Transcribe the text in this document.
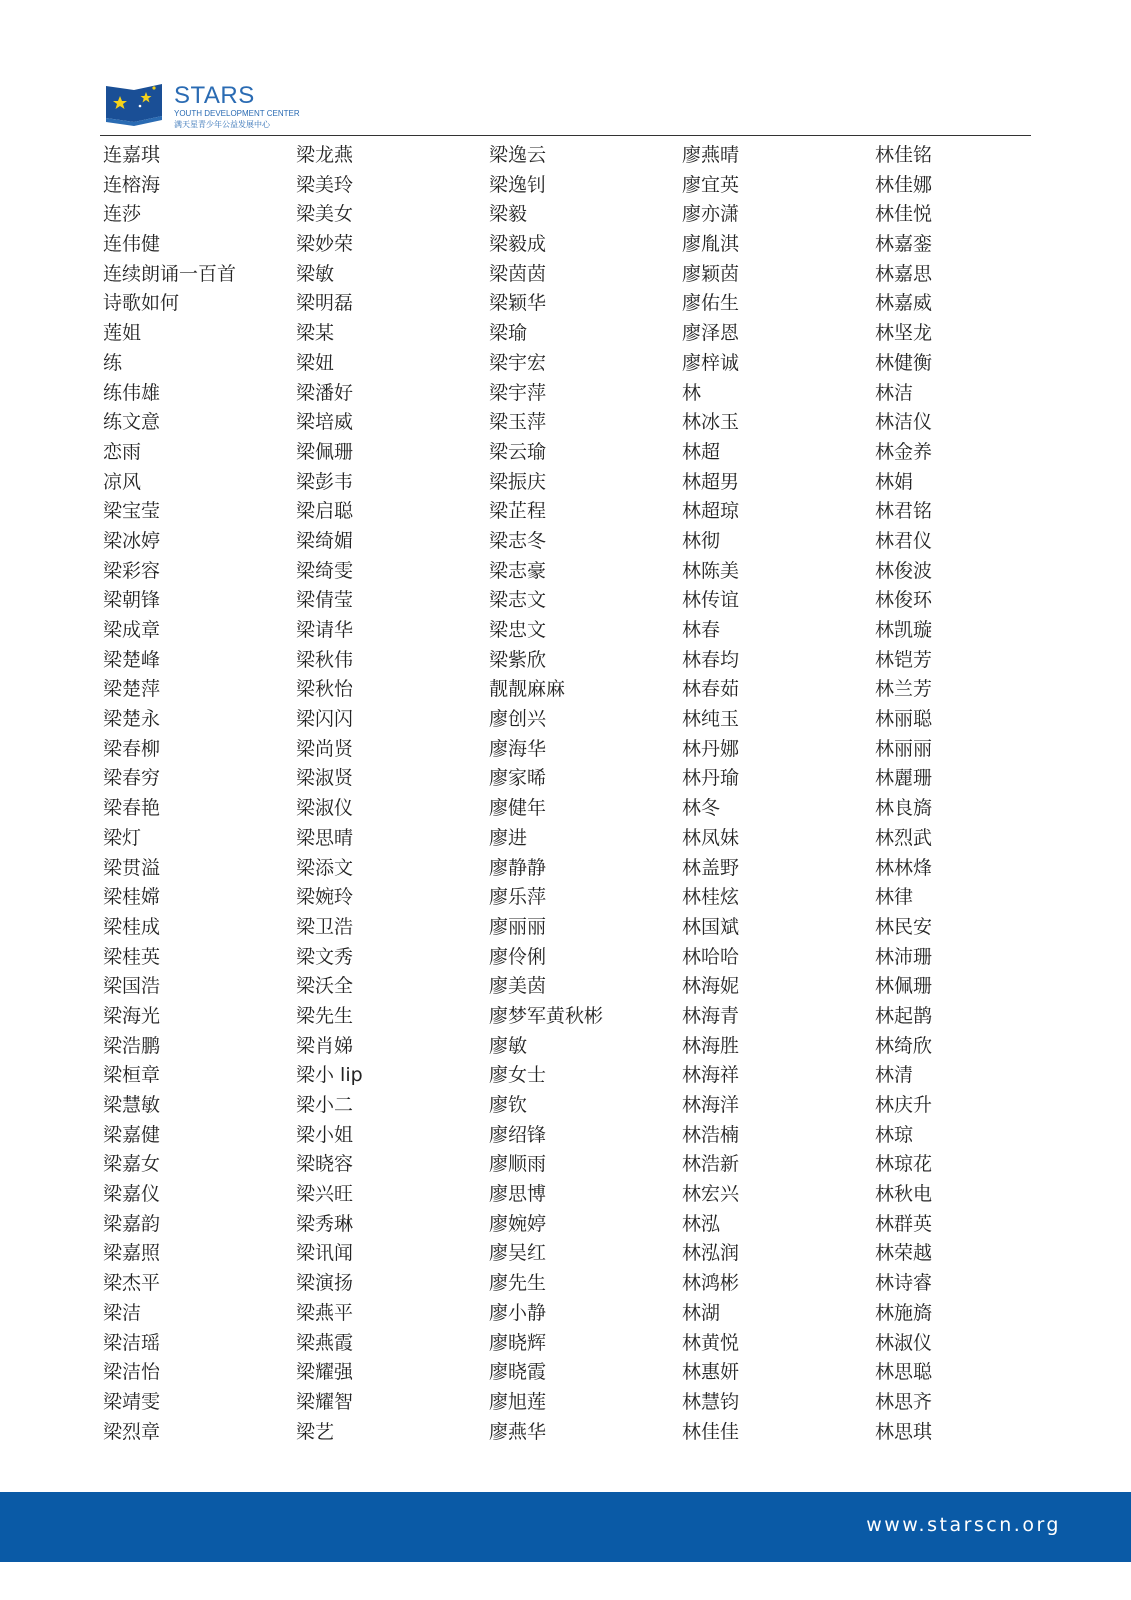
STARS
YOUTH DEVELOPMENT CENTER
满天星青少年公益发展中心
连嘉琪
连榕海
连莎
连伟健
连续朗诵一百首
诗歌如何
莲姐
练
练伟雄
练文意
恋雨
凉风
梁宝莹
梁冰婷
梁彩容
梁朝锋
梁成章
梁楚峰
梁楚萍
梁楚永
梁春柳
梁春穷
梁春艳
梁灯
梁贯溢
梁桂嫦
梁桂成
梁桂英
梁国浩
梁海光
梁浩鹏
梁桓章
梁慧敏
梁嘉健
梁嘉女
梁嘉仪
梁嘉韵
梁嘉照
梁杰平
梁洁
梁洁瑶
梁洁怡
梁靖雯
梁烈章
梁龙燕
梁美玲
梁美女
梁妙荣
梁敏
梁明磊
梁某
梁妞
梁潘好
梁培威
梁佩珊
梁彭韦
梁启聪
梁绮媚
梁绮雯
梁倩莹
梁请华
梁秋伟
梁秋怡
梁闪闪
梁尚贤
梁淑贤
梁淑仪
梁思晴
梁添文
梁婉玲
梁卫浩
梁文秀
梁沃全
梁先生
梁肖娣
梁小 lip
梁小二
梁小姐
梁晓容
梁兴旺
梁秀琳
梁讯闻
梁演扬
梁燕平
梁燕霞
梁耀强
梁耀智
梁艺
梁逸云
梁逸钊
梁毅
梁毅成
梁茵茵
梁颖华
梁瑜
梁宇宏
梁宇萍
梁玉萍
梁云瑜
梁振庆
梁芷程
梁志冬
梁志豪
梁志文
梁忠文
梁紫欣
靓靓麻麻
廖创兴
廖海华
廖家晞
廖健年
廖进
廖静静
廖乐萍
廖丽丽
廖伶俐
廖美茵
廖梦军黄秋彬
廖敏
廖女士
廖钦
廖绍锋
廖顺雨
廖思博
廖婉婷
廖吴红
廖先生
廖小静
廖晓辉
廖晓霞
廖旭莲
廖燕华
廖燕晴
廖宜英
廖亦潇
廖胤淇
廖颖茵
廖佑生
廖泽恩
廖梓诚
林
林冰玉
林超
林超男
林超琼
林彻
林陈美
林传谊
林春
林春均
林春茹
林纯玉
林丹娜
林丹瑜
林冬
林凤妹
林盖野
林桂炫
林国斌
林哈哈
林海妮
林海青
林海胜
林海祥
林海洋
林浩楠
林浩新
林宏兴
林泓
林泓润
林鸿彬
林湖
林黄悦
林惠妍
林慧钧
林佳佳
林佳铭
林佳娜
林佳悦
林嘉銮
林嘉思
林嘉威
林坚龙
林健衡
林洁
林洁仪
林金养
林娟
林君铭
林君仪
林俊波
林俊环
林凯璇
林铠芳
林兰芳
林丽聪
林丽丽
林麗珊
林良旖
林烈武
林林烽
林律
林民安
林沛珊
林佩珊
林起鹊
林绮欣
林清
林庆升
林琼
林琼花
林秋电
林群英
林荣越
林诗睿
林施旖
林淑仪
林思聪
林思齐
林思琪
www.starscn.org
